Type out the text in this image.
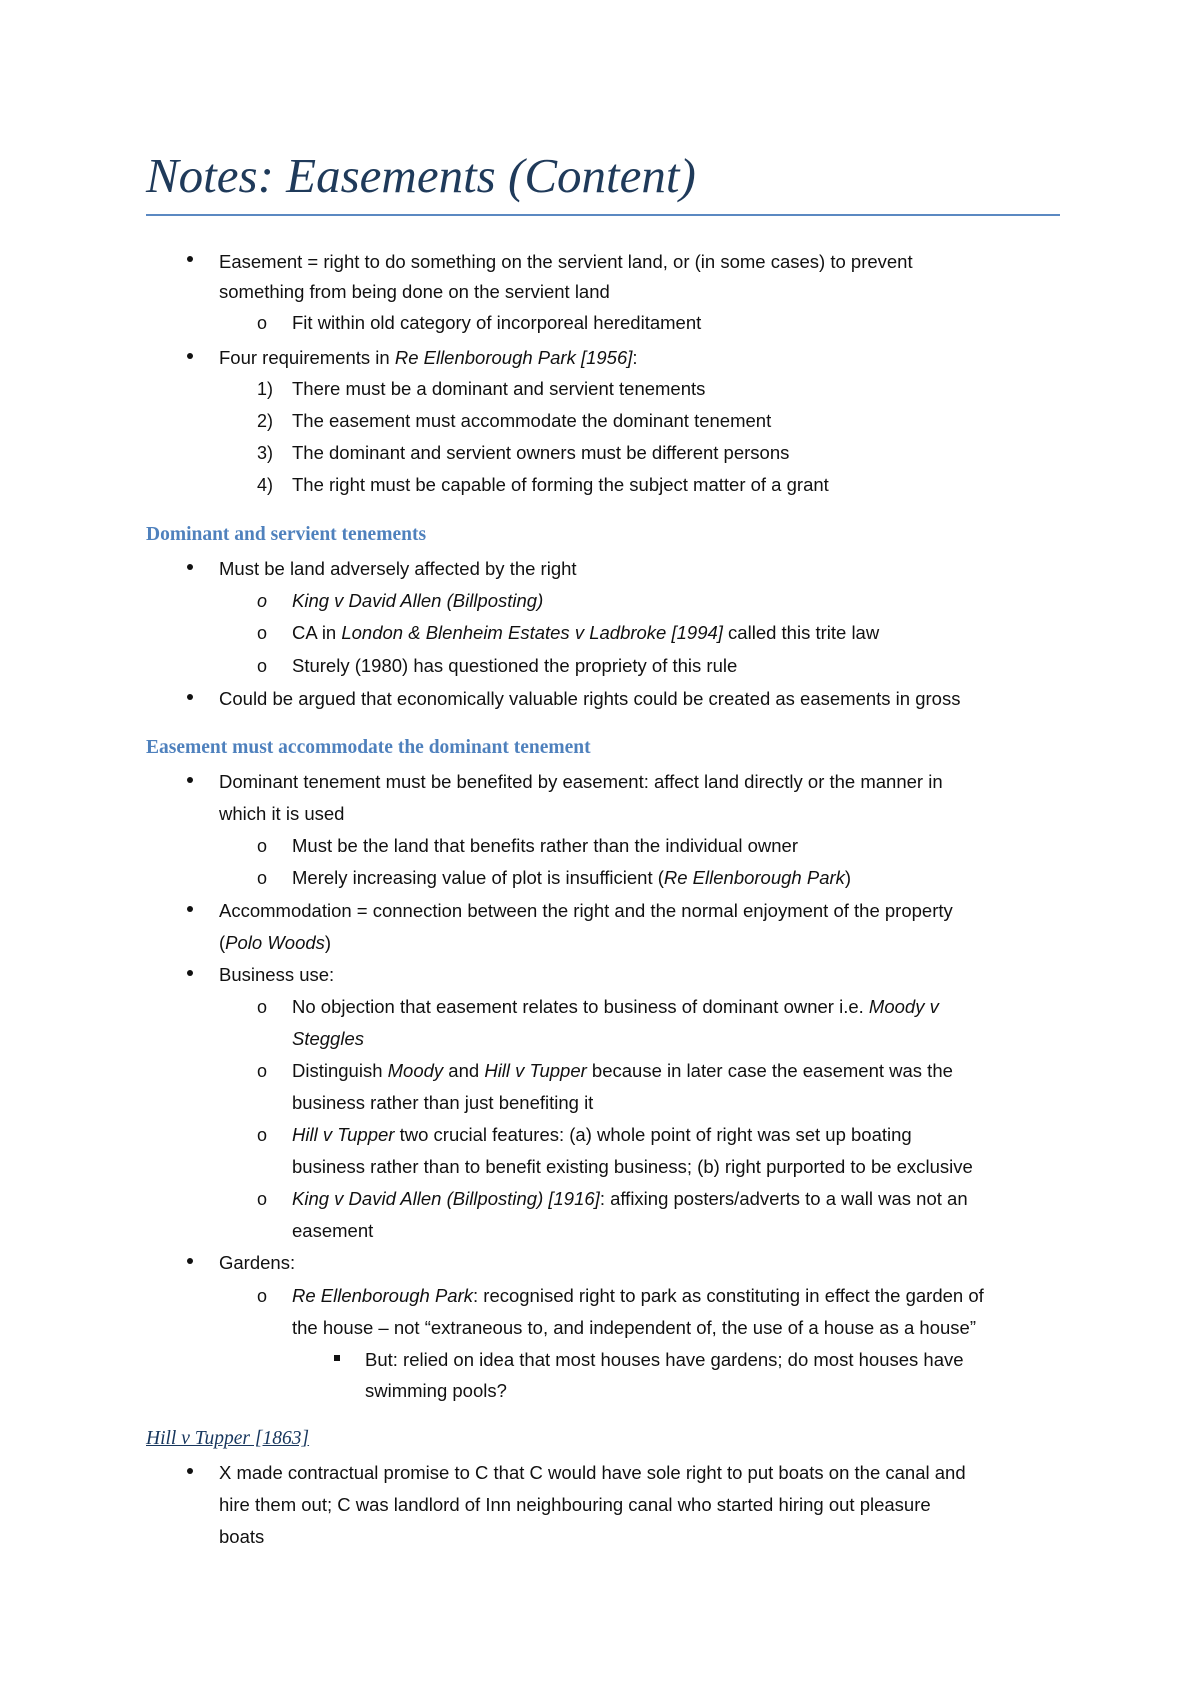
Notes: Easements (Content)
Easement = right to do something on the servient land, or (in some cases) to prevent
something from being done on the servient land
o Fit within old category of incorporeal hereditament
Four requirements in Re Ellenborough Park [1956]:
1) There must be a dominant and servient tenements
2) The easement must accommodate the dominant tenement
3) The dominant and servient owners must be different persons
4) The right must be capable of forming the subject matter of a grant
Dominant and servient tenements
Must be land adversely affected by the right
o King v David Allen (Billposting)
o CA in London & Blenheim Estates v Ladbroke [1994] called this trite law
o Sturely (1980) has questioned the propriety of this rule
Could be argued that economically valuable rights could be created as easements in gross
Easement must accommodate the dominant tenement
Dominant tenement must be benefited by easement: affect land directly or the manner in
which it is used
o Must be the land that benefits rather than the individual owner
o Merely increasing value of plot is insufficient (Re Ellenborough Park)
Accommodation = connection between the right and the normal enjoyment of the property
(Polo Woods)
Business use:
o No objection that easement relates to business of dominant owner i.e. Moody v
Steggles
o Distinguish Moody and Hill v Tupper because in later case the easement was the
business rather than just benefiting it
o Hill v Tupper two crucial features: (a) whole point of right was set up boating
business rather than to benefit existing business; (b) right purported to be exclusive
o King v David Allen (Billposting) [1916]: affixing posters/adverts to a wall was not an
easement
Gardens:
o Re Ellenborough Park: recognised right to park as constituting in effect the garden of
the house – not “extraneous to, and independent of, the use of a house as a house”
But: relied on idea that most houses have gardens; do most houses have
swimming pools?
Hill v Tupper [1863]
X made contractual promise to C that C would have sole right to put boats on the canal and
hire them out; C was landlord of Inn neighbouring canal who started hiring out pleasure
boats
